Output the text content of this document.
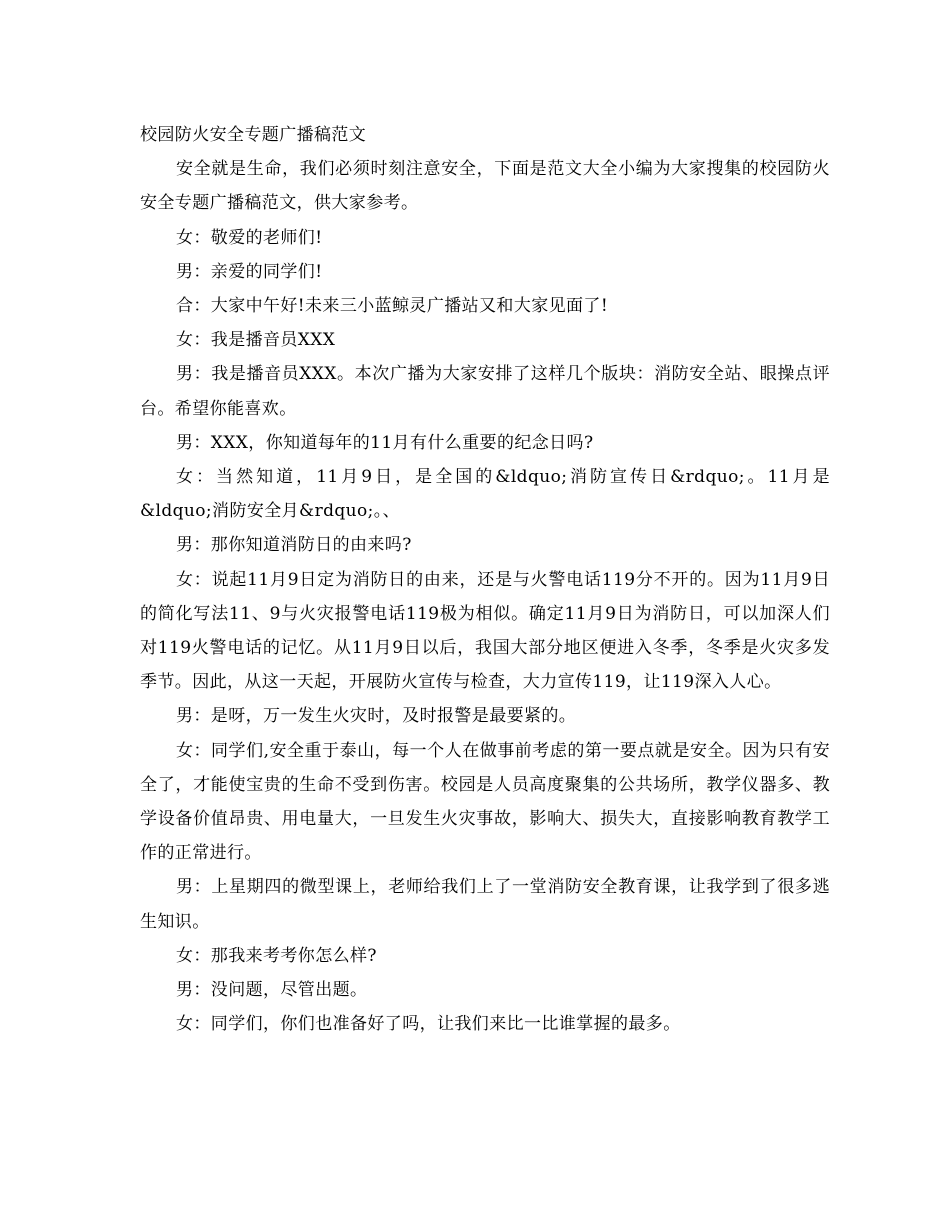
校园防火安全专题广播稿范文

安全就是生命，我们必须时刻注意安全，下面是范文大全小编为大家搜集的校园防火安全专题广播稿范文，供大家参考。

女：敬爱的老师们!

男：亲爱的同学们!

合：大家中午好!未来三小蓝鲸灵广播站又和大家见面了!

女：我是播音员XXX

男：我是播音员XXX。本次广播为大家安排了这样几个版块：消防安全站、眼操点评台。希望你能喜欢。

男：XXX，你知道每年的11月有什么重要的纪念日吗?

女：当然知道，11月9日，是全国的&ldquo;消防宣传日&rdquo;。11月是&ldquo;消防安全月&rdquo;。、

男：那你知道消防日的由来吗?

女：说起11月9日定为消防日的由来，还是与火警电话119分不开的。因为11月9日的简化写法11、9与火灾报警电话119极为相似。确定11月9日为消防日，可以加深人们对119火警电话的记忆。从11月9日以后，我国大部分地区便进入冬季，冬季是火灾多发季节。因此，从这一天起，开展防火宣传与检查，大力宣传119，让119深入人心。

男：是呀，万一发生火灾时，及时报警是最要紧的。

女：同学们,安全重于泰山，每一个人在做事前考虑的第一要点就是安全。因为只有安全了，才能使宝贵的生命不受到伤害。校园是人员高度聚集的公共场所，教学仪器多、教学设备价值昂贵、用电量大，一旦发生火灾事故，影响大、损失大，直接影响教育教学工作的正常进行。

男：上星期四的微型课上，老师给我们上了一堂消防安全教育课，让我学到了很多逃生知识。

女：那我来考考你怎么样?

男：没问题，尽管出题。

女：同学们，你们也准备好了吗，让我们来比一比谁掌握的最多。
